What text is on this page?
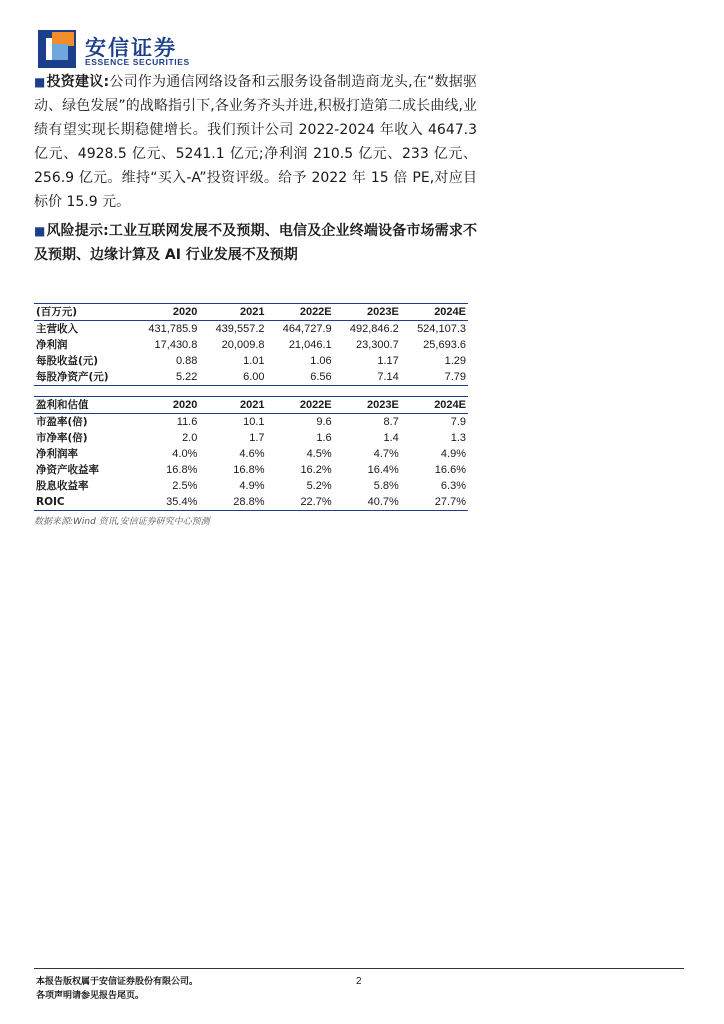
安信证券
ESSENCE SECURITIES
■投资建议:公司作为通信网络设备和云服务设备制造商龙头,在“数据驱动、绿色发展”的战略指引下,各业务齐头并进,积极打造第二成长曲线,业绩有望实现长期稳健增长。我们预计公司 2022-2024 年收入 4647.3 亿元、4928.5 亿元、5241.1 亿元;净利润 210.5 亿元、233 亿元、256.9 亿元。维持“买入-A”投资评级。给予 2022 年 15 倍 PE,对应目标价 15.9 元。
■风险提示:工业互联网发展不及预期、电信及企业终端设备市场需求不及预期、边缘计算及 AI 行业发展不及预期
(百万元)	2020	2021	2022E	2023E	2024E
主营收入	431,785.9	439,557.2	464,727.9	492,846.2	524,107.3
净利润	17,430.8	20,009.8	21,046.1	23,300.7	25,693.6
每股收益(元)	0.88	1.01	1.06	1.17	1.29
每股净资产(元)	5.22	6.00	6.56	7.14	7.79
盈利和估值	2020	2021	2022E	2023E	2024E
市盈率(倍)	11.6	10.1	9.6	8.7	7.9
市净率(倍)	2.0	1.7	1.6	1.4	1.3
净利润率	4.0%	4.6%	4.5%	4.7%	4.9%
净资产收益率	16.8%	16.8%	16.2%	16.4%	16.6%
股息收益率	2.5%	4.9%	5.2%	5.8%	6.3%
ROIC	35.4%	28.8%	22.7%	40.7%	27.7%
数据来源:Wind 资讯,安信证券研究中心预测
本报告版权属于安信证券股份有限公司。
各项声明请参见报告尾页。
2
